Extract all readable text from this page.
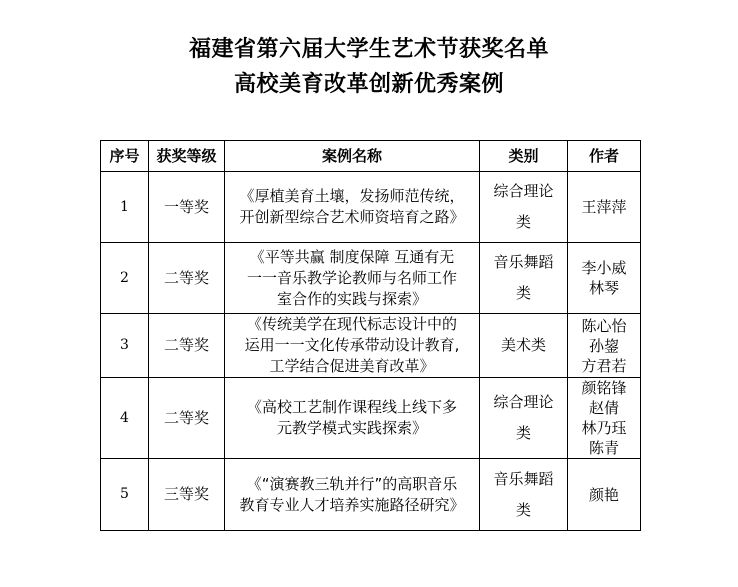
福建省第六届大学生艺术节获奖名单
高校美育改革创新优秀案例
序号	获奖等级	案例名称	类别	作者
1	一等奖	《厚植美育土壤，发扬师范传统，
开创新型综合艺术师资培育之路》	综合理论
类	王萍萍

2	二等奖	《平等共赢 制度保障 互通有无
一一音乐教学论教师与名师工作
室合作的实践与探索》	音乐舞蹈
类	李小威
林琴

3	二等奖	《传统美学在现代标志设计中的
运用一一文化传承带动设计教育,
工学结合促进美育改革》	美术类	陈心怡
孙鋆
方君若

4	二等奖	《高校工艺制作课程线上线下多
元教学模式实践探索》	综合理论
类	颜铭锋
赵倩
林乃珏
陈青

5	三等奖	《“演赛教三轨并行”的高职音乐
教育专业人才培养实施路径研究》	音乐舞蹈
类	颜艳
